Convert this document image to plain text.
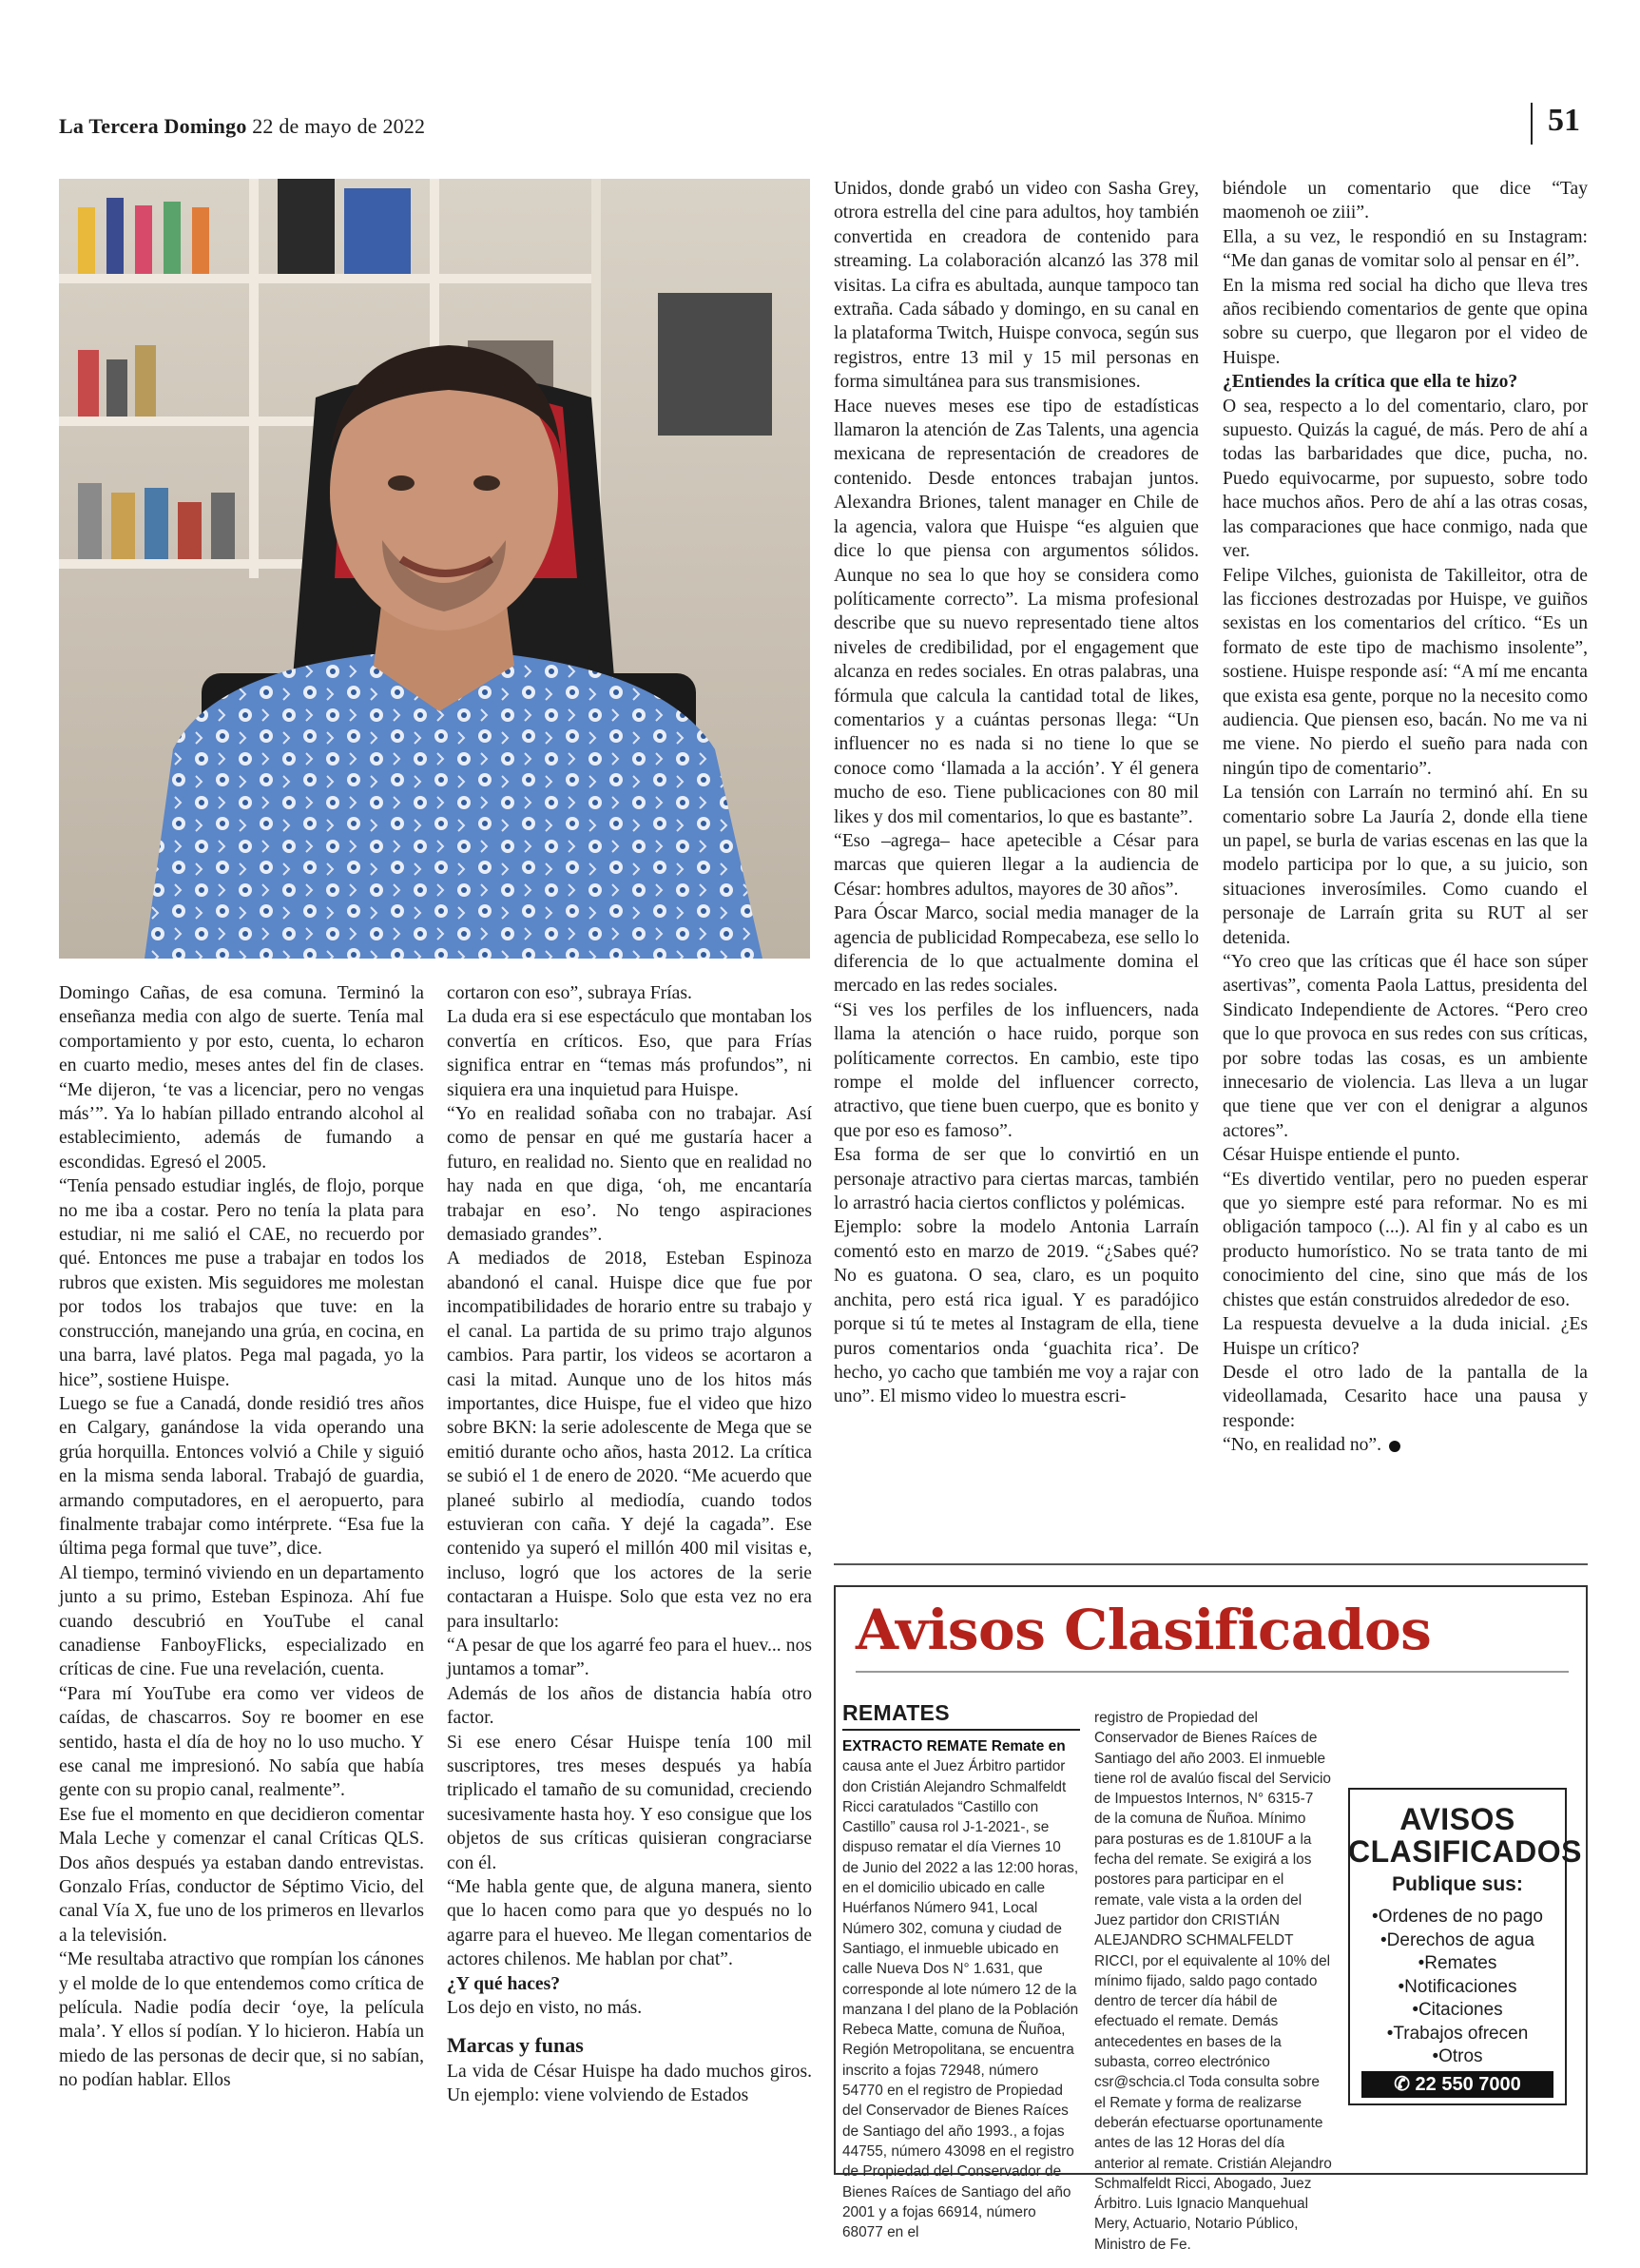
La Tercera Domingo 22 de mayo de 2022	51

Domingo Cañas, de esa comuna. Terminó la enseñanza media con algo de suerte. Tenía mal comportamiento y por esto, cuenta, lo echaron en cuarto medio, meses antes del fin de clases. “Me dijeron, ‘te vas a licenciar, pero no vengas más’”. Ya lo habían pillado entrando alcohol al establecimiento, además de fumando a escondidas. Egresó el 2005.

“Tenía pensado estudiar inglés, de flojo, porque no me iba a costar. Pero no tenía la plata para estudiar, ni me salió el CAE, no recuerdo por qué. Entonces me puse a trabajar en todos los rubros que existen. Mis seguidores me molestan por todos los trabajos que tuve: en la construcción, manejando una grúa, en cocina, en una barra, lavé platos. Pega mal pagada, yo la hice”, sostiene Huispe.

Luego se fue a Canadá, donde residió tres años en Calgary, ganándose la vida operando una grúa horquilla. Entonces volvió a Chile y siguió en la misma senda laboral. Trabajó de guardia, armando computadores, en el aeropuerto, para finalmente trabajar como intérprete. “Esa fue la última pega formal que tuve”, dice.

Al tiempo, terminó viviendo en un departamento junto a su primo, Esteban Espinoza. Ahí fue cuando descubrió en YouTube el canal canadiense FanboyFlicks, especializado en críticas de cine. Fue una revelación, cuenta.

“Para mí YouTube era como ver videos de caídas, de chascarros. Soy re boomer en ese sentido, hasta el día de hoy no lo uso mucho. Y ese canal me impresionó. No sabía que había gente con su propio canal, realmente”.

Ese fue el momento en que decidieron comentar Mala Leche y comenzar el canal Críticas QLS. Dos años después ya estaban dando entrevistas. Gonzalo Frías, conductor de Séptimo Vicio, del canal Vía X, fue uno de los primeros en llevarlos a la televisión.

“Me resultaba atractivo que rompían los cánones y el molde de lo que entendemos como crítica de película. Nadie podía decir ‘oye, la película mala’. Y ellos sí podían. Y lo hicieron. Había un miedo de las personas de decir que, si no sabían, no podían hablar. Ellos

cortaron con eso”, subraya Frías.

La duda era si ese espectáculo que montaban los convertía en críticos. Eso, que para Frías significa entrar en “temas más profundos”, ni siquiera era una inquietud para Huispe.

“Yo en realidad soñaba con no trabajar. Así como de pensar en qué me gustaría hacer a futuro, en realidad no. Siento que en realidad no hay nada en que diga, ‘oh, me encantaría trabajar en eso’. No tengo aspiraciones demasiado grandes”.

A mediados de 2018, Esteban Espinoza abandonó el canal. Huispe dice que fue por incompatibilidades de horario entre su trabajo y el canal. La partida de su primo trajo algunos cambios. Para partir, los videos se acortaron a casi la mitad. Aunque uno de los hitos más importantes, dice Huispe, fue el video que hizo sobre BKN: la serie adolescente de Mega que se emitió durante ocho años, hasta 2012. La crítica se subió el 1 de enero de 2020. “Me acuerdo que planeé subirlo al mediodía, cuando todos estuvieran con caña. Y dejé la cagada”. Ese contenido ya superó el millón 400 mil visitas e, incluso, logró que los actores de la serie contactaran a Huispe. Solo que esta vez no era para insultarlo:

“A pesar de que los agarré feo para el huev... nos juntamos a tomar”.

Además de los años de distancia había otro factor.

Si ese enero César Huispe tenía 100 mil suscriptores, tres meses después ya había triplicado el tamaño de su comunidad, creciendo sucesivamente hasta hoy. Y eso consigue que los objetos de sus críticas quisieran congraciarse con él.

“Me habla gente que, de alguna manera, siento que lo hacen como para que yo después no lo agarre para el hueveo. Me llegan comentarios de actores chilenos. Me hablan por chat”.

¿Y qué haces?

Los dejo en visto, no más.

Marcas y funas

La vida de César Huispe ha dado muchos giros. Un ejemplo: viene volviendo de Estados

Unidos, donde grabó un video con Sasha Grey, otrora estrella del cine para adultos, hoy también convertida en creadora de contenido para streaming. La colaboración alcanzó las 378 mil visitas. La cifra es abultada, aunque tampoco tan extraña. Cada sábado y domingo, en su canal en la plataforma Twitch, Huispe convoca, según sus registros, entre 13 mil y 15 mil personas en forma simultánea para sus transmisiones.

Hace nueves meses ese tipo de estadísticas llamaron la atención de Zas Talents, una agencia mexicana de representación de creadores de contenido. Desde entonces trabajan juntos. Alexandra Briones, talent manager en Chile de la agencia, valora que Huispe “es alguien que dice lo que piensa con argumentos sólidos. Aunque no sea lo que hoy se considera como políticamente correcto”. La misma profesional describe que su nuevo representado tiene altos niveles de credibilidad, por el engagement que alcanza en redes sociales. En otras palabras, una fórmula que calcula la cantidad total de likes, comentarios y a cuántas personas llega: “Un influencer no es nada si no tiene lo que se conoce como ‘llamada a la acción’. Y él genera mucho de eso. Tiene publicaciones con 80 mil likes y dos mil comentarios, lo que es bastante”.

“Eso –agrega– hace apetecible a César para marcas que quieren llegar a la audiencia de César: hombres adultos, mayores de 30 años”.

Para Óscar Marco, social media manager de la agencia de publicidad Rompecabeza, ese sello lo diferencia de lo que actualmente domina el mercado en las redes sociales.

“Si ves los perfiles de los influencers, nada llama la atención o hace ruido, porque son políticamente correctos. En cambio, este tipo rompe el molde del influencer correcto, atractivo, que tiene buen cuerpo, que es bonito y que por eso es famoso”.

Esa forma de ser que lo convirtió en un personaje atractivo para ciertas marcas, también lo arrastró hacia ciertos conflictos y polémicas.

Ejemplo: sobre la modelo Antonia Larraín comentó esto en marzo de 2019. “¿Sabes qué? No es guatona. O sea, claro, es un poquito anchita, pero está rica igual. Y es paradójico porque si tú te metes al Instagram de ella, tiene puros comentarios onda ‘guachita rica’. De hecho, yo cacho que también me voy a rajar con uno”. El mismo video lo muestra escri-

biéndole un comentario que dice “Tay maomenoh oe ziii”.

Ella, a su vez, le respondió en su Instagram: “Me dan ganas de vomitar solo al pensar en él”.

En la misma red social ha dicho que lleva tres años recibiendo comentarios de gente que opina sobre su cuerpo, que llegaron por el video de Huispe.

¿Entiendes la crítica que ella te hizo?

O sea, respecto a lo del comentario, claro, por supuesto. Quizás la cagué, de más. Pero de ahí a todas las barbaridades que dice, pucha, no. Puedo equivocarme, por supuesto, sobre todo hace muchos años. Pero de ahí a las otras cosas, las comparaciones que hace conmigo, nada que ver.

Felipe Vilches, guionista de Takilleitor, otra de las ficciones destrozadas por Huispe, ve guiños sexistas en los comentarios del crítico. “Es un formato de este tipo de machismo insolente”, sostiene. Huispe responde así: “A mí me encanta que exista esa gente, porque no la necesito como audiencia. Que piensen eso, bacán. No me va ni me viene. No pierdo el sueño para nada con ningún tipo de comentario”.

La tensión con Larraín no terminó ahí. En su comentario sobre La Jauría 2, donde ella tiene un papel, se burla de varias escenas en las que la modelo participa por lo que, a su juicio, son situaciones inverosímiles. Como cuando el personaje de Larraín grita su RUT al ser detenida.

“Yo creo que las críticas que él hace son súper asertivas”, comenta Paola Lattus, presidenta del Sindicato Independiente de Actores. “Pero creo que lo que provoca en sus redes con sus críticas, por sobre todas las cosas, es un ambiente innecesario de violencia. Las lleva a un lugar que tiene que ver con el denigrar a algunos actores”.

César Huispe entiende el punto.

“Es divertido ventilar, pero no pueden esperar que yo siempre esté para reformar. No es mi obligación tampoco (...). Al fin y al cabo es un producto humorístico. No se trata tanto de mi conocimiento del cine, sino que más de los chistes que están construidos alrededor de eso.

La respuesta devuelve a la duda inicial. ¿Es Huispe un crítico?

Desde el otro lado de la pantalla de la videollamada, Cesarito hace una pausa y responde:

“No, en realidad no”.

Avisos Clasificados
REMATES
EXTRACTO REMATE Remate en causa ante el Juez Árbitro partidor don Cristián Alejandro Schmalfeldt Ricci caratulados “Castillo con Castillo” causa rol J-1-2021-, se dispuso rematar el día Viernes 10 de Junio del 2022 a las 12:00 horas, en el domicilio ubicado en calle Huérfanos Número 941, Local Número 302, comuna y ciudad de Santiago, el inmueble ubicado en calle Nueva Dos N° 1.631, que corresponde al lote número 12 de la manzana I del plano de la Población Rebeca Matte, comuna de Ñuñoa, Región Metropolitana, se encuentra inscrito a fojas 72948, número 54770 en el registro de Propiedad del Conservador de Bienes Raíces de Santiago del año 1993., a fojas 44755, número 43098 en el registro de Propiedad del Conservador de Bienes Raíces de Santiago del año 2001 y a fojas 66914, número 68077 en el
registro de Propiedad del Conservador de Bienes Raíces de Santiago del año 2003. El inmueble tiene rol de avalúo fiscal del Servicio de Impuestos Internos, N° 6315-7 de la comuna de Ñuñoa. Mínimo para posturas es de 1.810UF a la fecha del remate. Se exigirá a los postores para participar en el remate, vale vista a la orden del Juez partidor don CRISTIÁN ALEJANDRO SCHMALFELDT RICCI, por el equivalente al 10% del mínimo fijado, saldo pago contado dentro de tercer día hábil de efectuado el remate. Demás antecedentes en bases de la subasta, correo electrónico csr@schcia.cl Toda consulta sobre el Remate y forma de realizarse deberán efectuarse oportunamente antes de las 12 Horas del día anterior al remate. Cristián Alejandro Schmalfeldt Ricci, Abogado, Juez Árbitro. Luis Ignacio Manquehual Mery, Actuario, Notario Público, Ministro de Fe.
AVISOS
CLASIFICADOS
Publique sus:
•Ordenes de no pago
•Derechos de agua
•Remates
•Notificaciones
•Citaciones
•Trabajos ofrecen
•Otros
✆ 22 550 7000
